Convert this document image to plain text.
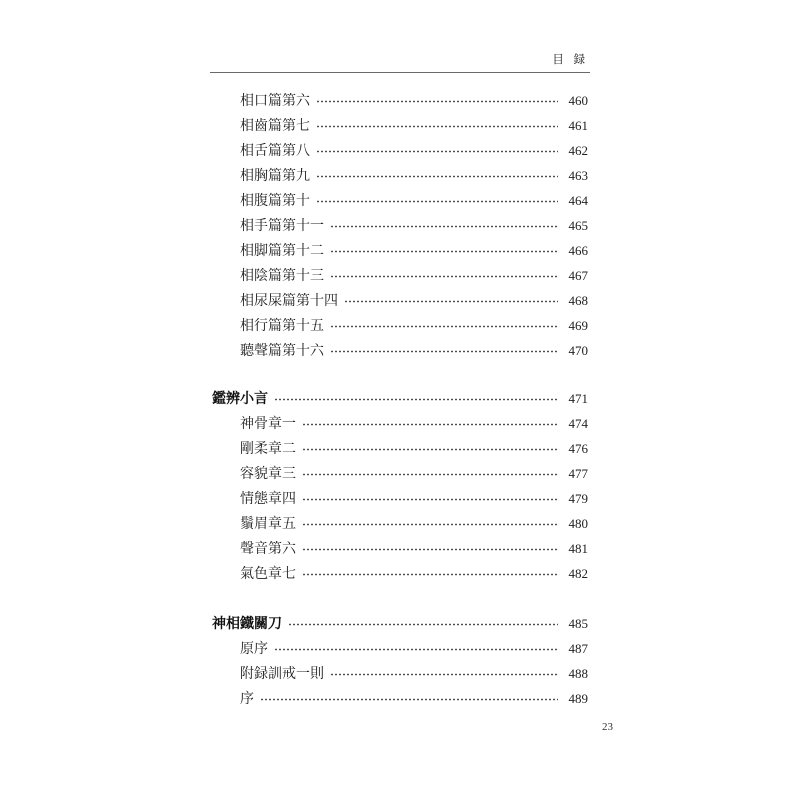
目 録
相口篇第六	460
相齒篇第七	461
相舌篇第八	462
相胸篇第九	463
相腹篇第十	464
相手篇第十一	465
相脚篇第十二	466
相陰篇第十三	467
相尿屎篇第十四	468
相行篇第十五	469
聽聲篇第十六	470
鑑辨小言	471
神骨章一	474
剛柔章二	476
容貌章三	477
情態章四	479
鬚眉章五	480
聲音第六	481
氣色章七	482
神相鐵關刀	485
原序	487
附録訓戒一則	488
序	489
23
